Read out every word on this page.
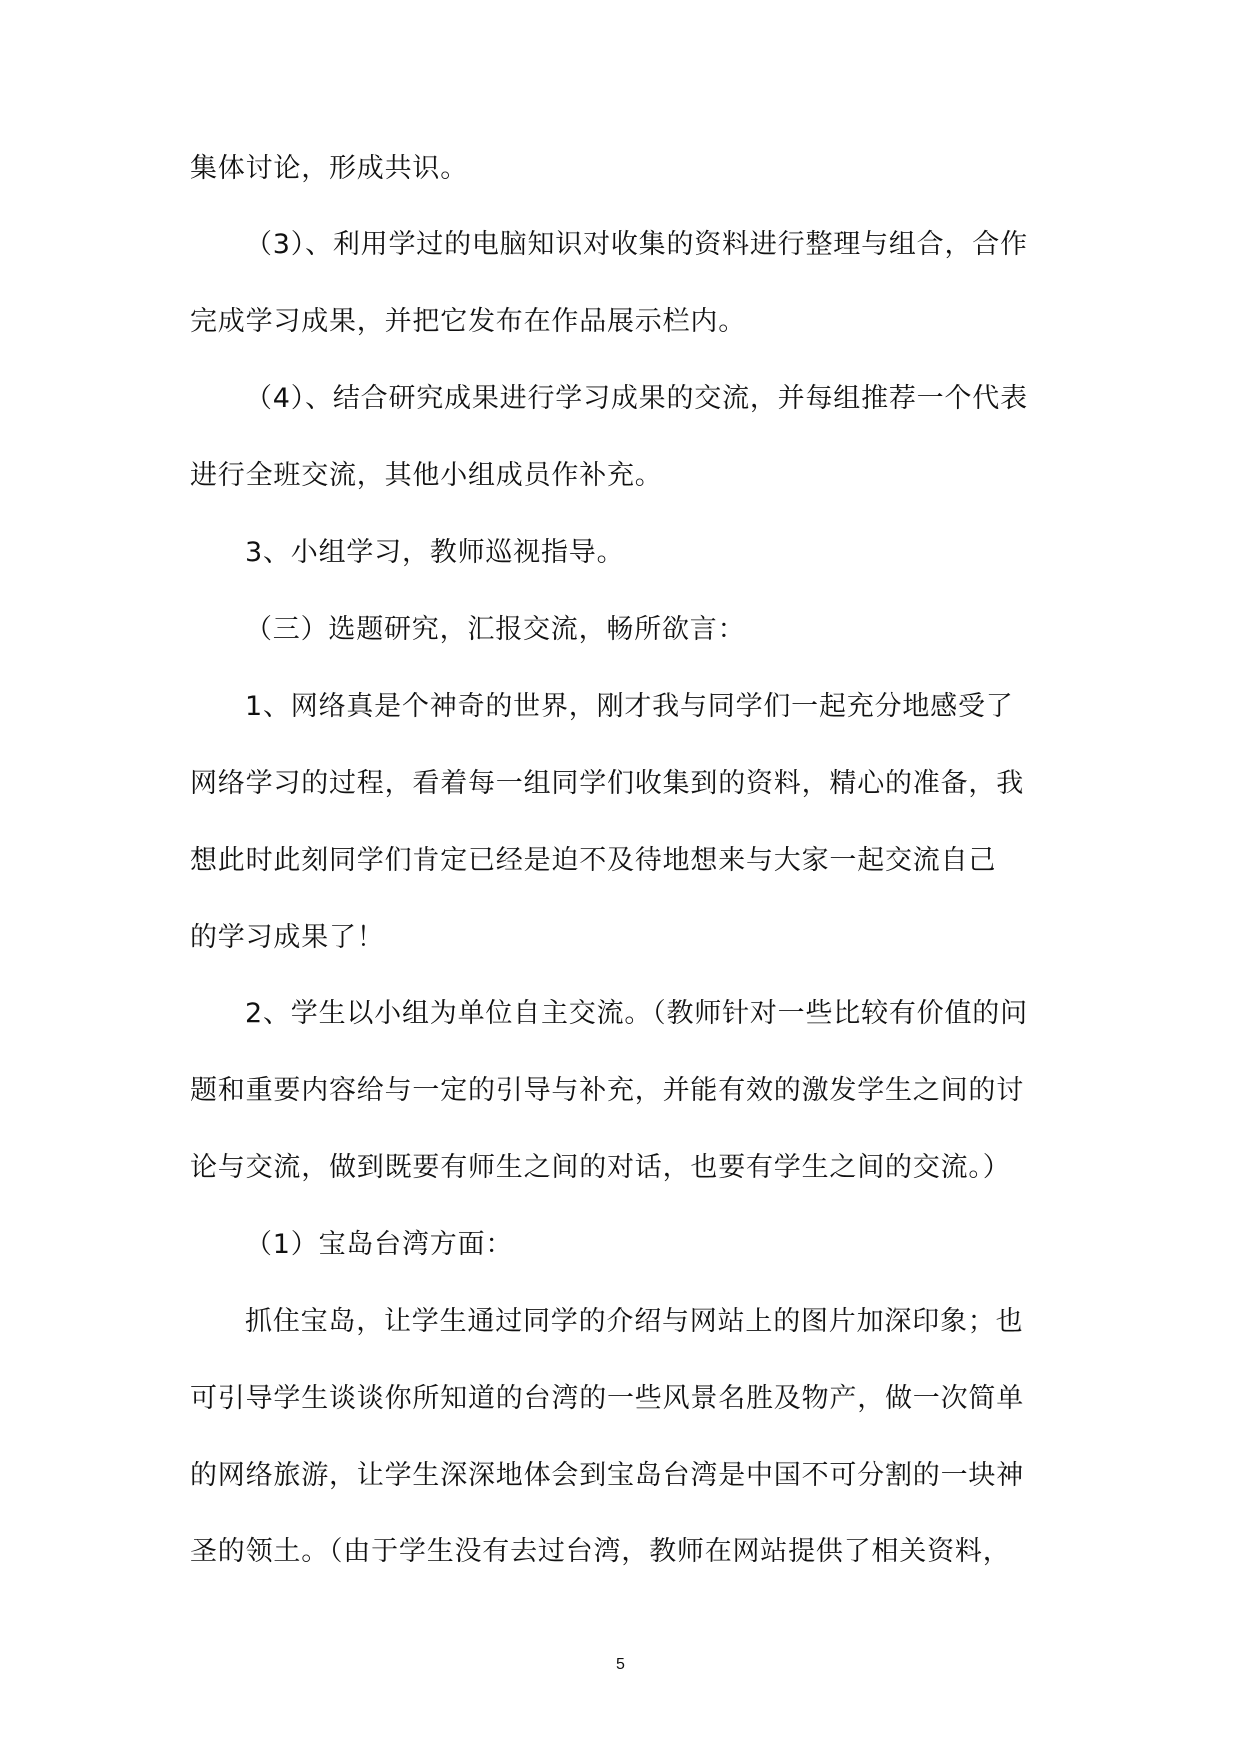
集体讨论，形成共识。
（3）、利用学过的电脑知识对收集的资料进行整理与组合，合作
完成学习成果，并把它发布在作品展示栏内。
（4）、结合研究成果进行学习成果的交流，并每组推荐一个代表
进行全班交流，其他小组成员作补充。
3、小组学习，教师巡视指导。
（三）选题研究，汇报交流，畅所欲言：
1、网络真是个神奇的世界，刚才我与同学们一起充分地感受了
网络学习的过程，看着每一组同学们收集到的资料，精心的准备，我
想此时此刻同学们肯定已经是迫不及待地想来与大家一起交流自己
的学习成果了！
2、学生以小组为单位自主交流。（教师针对一些比较有价值的问
题和重要内容给与一定的引导与补充，并能有效的激发学生之间的讨
论与交流，做到既要有师生之间的对话，也要有学生之间的交流。）
（1）宝岛台湾方面：
抓住宝岛，让学生通过同学的介绍与网站上的图片加深印象；也
可引导学生谈谈你所知道的台湾的一些风景名胜及物产，做一次简单
的网络旅游，让学生深深地体会到宝岛台湾是中国不可分割的一块神
圣的领土。（由于学生没有去过台湾，教师在网站提供了相关资料，
5
